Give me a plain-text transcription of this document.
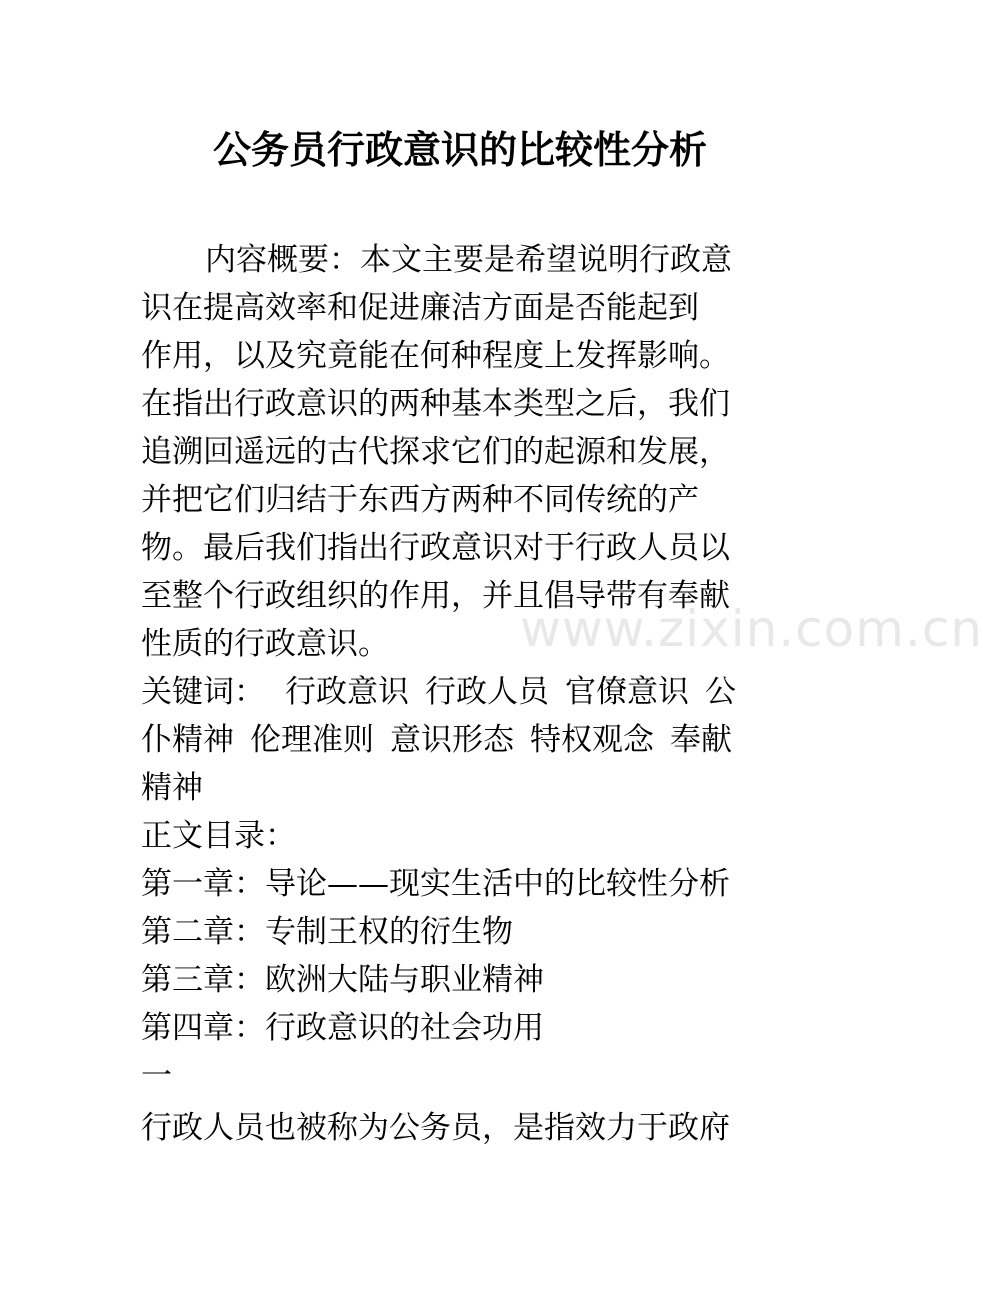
公务员行政意识的比较性分析

内容概要：本文主要是希望说明行政意

识在提高效率和促进廉洁方面是否能起到

作用，以及究竟能在何种程度上发挥影响。

在指出行政意识的两种基本类型之后，我们

追溯回遥远的古代探求它们的起源和发展，

并把它们归结于东西方两种不同传统的产

物。最后我们指出行政意识对于行政人员以

至整个行政组织的作用，并且倡导带有奉献

性质的行政意识。	www.zixin.com.cn

关键词： 行政意识 行政人员 官僚意识 公

仆精神 伦理准则 意识形态 特权观念 奉献

精神

正文目录：

第一章：导论——现实生活中的比较性分析

第二章：专制王权的衍生物

第三章：欧洲大陆与职业精神

第四章：行政意识的社会功用

一

行政人员也被称为公务员，是指效力于政府
